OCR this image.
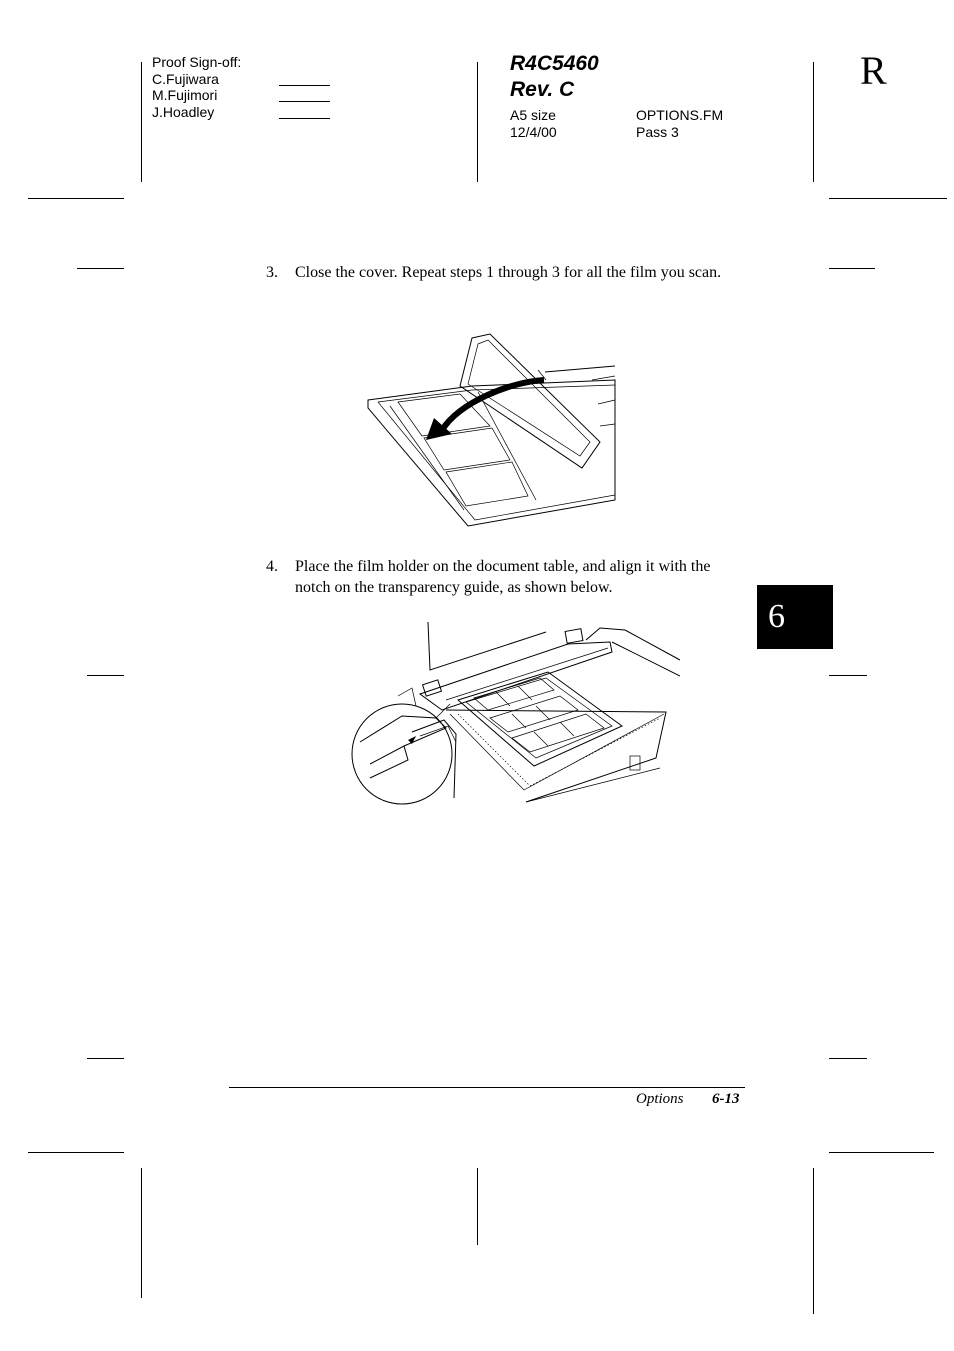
Proof Sign-off:
C.Fujiwara
M.Fujimori
J.Hoadley
R4C5460
Rev. C
A5 size
12/4/00
OPTIONS.FM
Pass 3
R
3. Close the cover. Repeat steps 1 through 3 for all the film you scan.
4. Place the film holder on the document table, and align it with the notch on the transparency guide, as shown below.
6
Options 6-13
